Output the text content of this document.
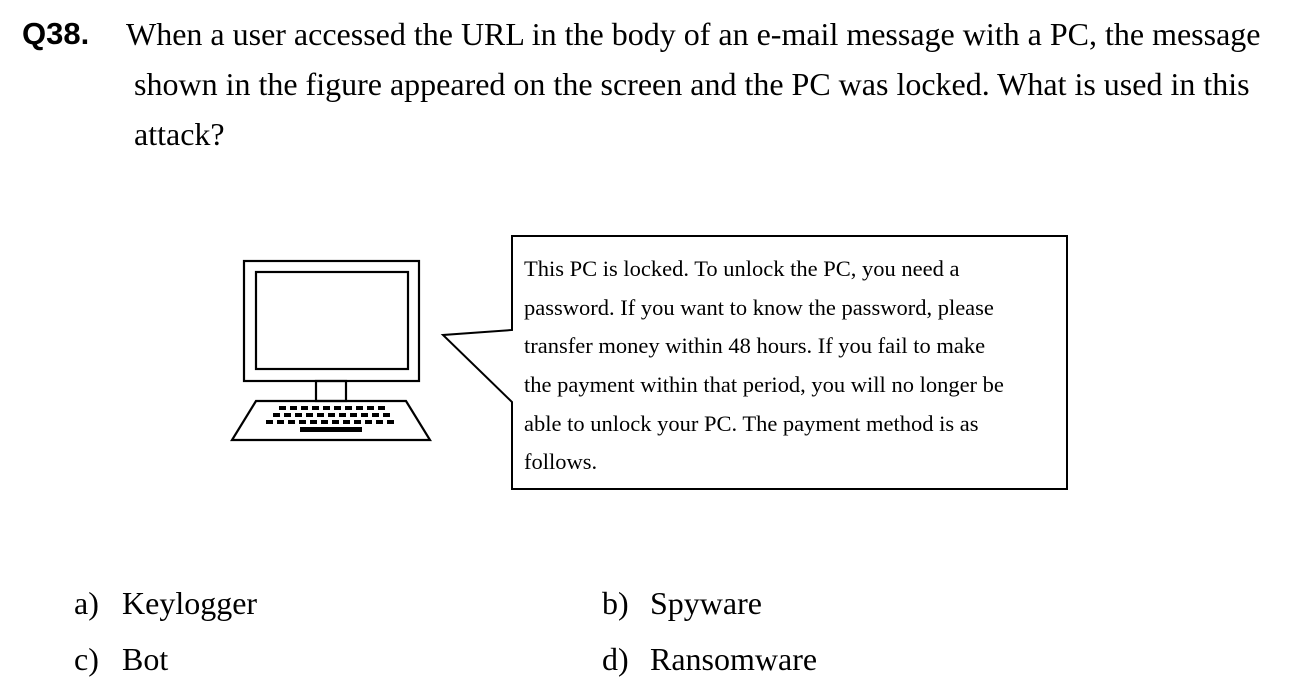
Q38. When a user accessed the URL in the body of an e-mail message with a PC, the message
shown in the figure appeared on the screen and the PC was locked. What is used in this
attack?
This PC is locked. To unlock the PC, you need a
password. If you want to know the password, please
transfer money within 48 hours. If you fail to make
the payment within that period, you will no longer be
able to unlock your PC. The payment method is as
follows.
a) Keylogger	b) Spyware
c) Bot	d) Ransomware
